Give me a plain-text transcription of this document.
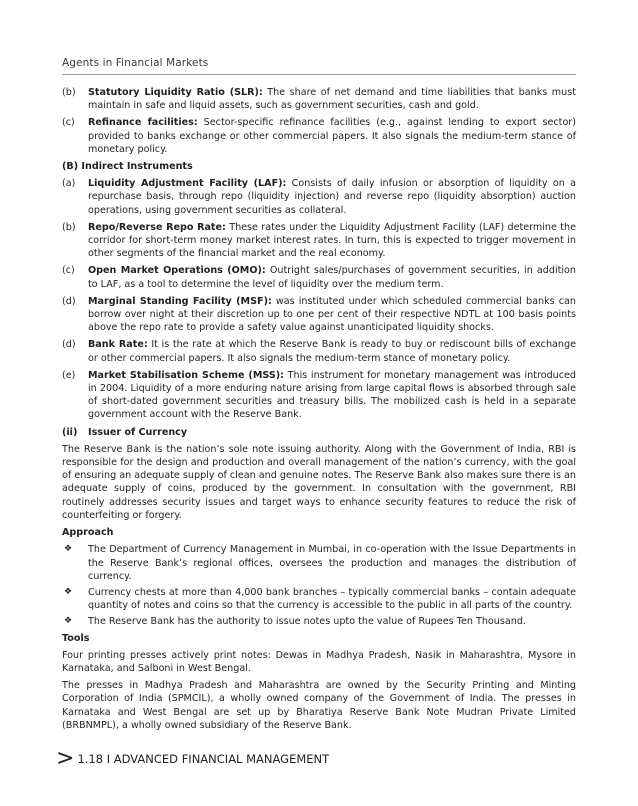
Agents in Financial Markets
(b) Statutory Liquidity Ratio (SLR): The share of net demand and time liabilities that banks must maintain in safe and liquid assets, such as government securities, cash and gold.
(c) Refinance facilities: Sector-specific refinance facilities (e.g., against lending to export sector) provided to banks exchange or other commercial papers. It also signals the medium-term stance of monetary policy.
(B) Indirect Instruments
(a) Liquidity Adjustment Facility (LAF): Consists of daily infusion or absorption of liquidity on a repurchase basis, through repo (liquidity injection) and reverse repo (liquidity absorption) auction operations, using government securities as collateral.
(b) Repo/Reverse Repo Rate: These rates under the Liquidity Adjustment Facility (LAF) determine the corridor for short-term money market interest rates. In turn, this is expected to trigger movement in other segments of the financial market and the real economy.
(c) Open Market Operations (OMO): Outright sales/purchases of government securities, in addition to LAF, as a tool to determine the level of liquidity over the medium term.
(d) Marginal Standing Facility (MSF): was instituted under which scheduled commercial banks can borrow over night at their discretion up to one per cent of their respective NDTL at 100 basis points above the repo rate to provide a safety value against unanticipated liquidity shocks.
(d) Bank Rate: It is the rate at which the Reserve Bank is ready to buy or rediscount bills of exchange or other commercial papers. It also signals the medium-term stance of monetary policy.
(e) Market Stabilisation Scheme (MSS): This instrument for monetary management was introduced in 2004. Liquidity of a more enduring nature arising from large capital flows is absorbed through sale of short-dated government securities and treasury bills. The mobilized cash is held in a separate government account with the Reserve Bank.
(ii) Issuer of Currency

The Reserve Bank is the nation’s sole note issuing authority. Along with the Government of India, RBI is responsible for the design and production and overall management of the nation’s currency, with the goal of ensuring an adequate supply of clean and genuine notes. The Reserve Bank also makes sure there is an adequate supply of coins, produced by the government. In consultation with the government, RBI routinely addresses security issues and target ways to enhance security features to reduce the risk of counterfeiting or forgery.

Approach
❖ The Department of Currency Management in Mumbai, in co-operation with the Issue Departments in the Reserve Bank’s regional offices, oversees the production and manages the distribution of currency.
❖ Currency chests at more than 4,000 bank branches – typically commercial banks – contain adequate quantity of notes and coins so that the currency is accessible to the public in all parts of the country.
❖ The Reserve Bank has the authority to issue notes upto the value of Rupees Ten Thousand.
Tools

Four printing presses actively print notes: Dewas in Madhya Pradesh, Nasik in Maharashtra, Mysore in Karnataka, and Salboni in West Bengal.

The presses in Madhya Pradesh and Maharashtra are owned by the Security Printing and Minting Corporation of India (SPMCIL), a wholly owned company of the Government of India. The presses in Karnataka and West Bengal are set up by Bharatiya Reserve Bank Note Mudran Private Limited (BRBNMPL), a wholly owned subsidiary of the Reserve Bank.

> 1.18
I
ADVANCED FINANCIAL MANAGEMENT
